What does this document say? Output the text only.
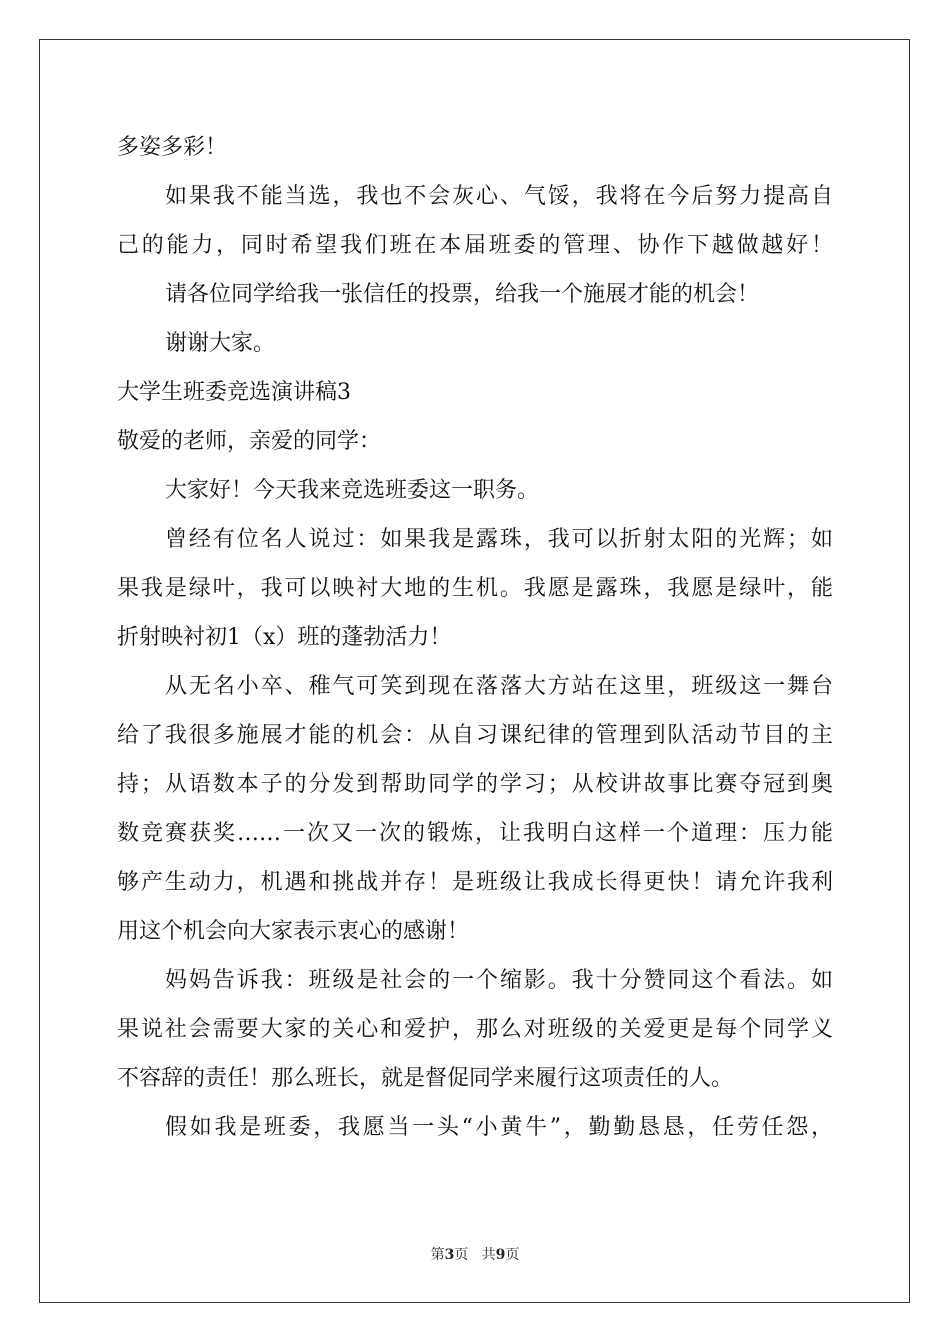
多姿多彩！
如果我不能当选，我也不会灰心、气馁，我将在今后努力提高自
己的能力，同时希望我们班在本届班委的管理、协作下越做越好！
请各位同学给我一张信任的投票，给我一个施展才能的机会！
谢谢大家。
大学生班委竞选演讲稿3
敬爱的老师，亲爱的同学：
大家好！今天我来竞选班委这一职务。
曾经有位名人说过：如果我是露珠，我可以折射太阳的光辉；如
果我是绿叶，我可以映衬大地的生机。我愿是露珠，我愿是绿叶，能
折射映衬初1（x）班的蓬勃活力！
从无名小卒、稚气可笑到现在落落大方站在这里，班级这一舞台
给了我很多施展才能的机会：从自习课纪律的管理到队活动节目的主
持；从语数本子的分发到帮助同学的学习；从校讲故事比赛夺冠到奥
数竞赛获奖……一次又一次的锻炼，让我明白这样一个道理：压力能
够产生动力，机遇和挑战并存！是班级让我成长得更快！请允许我利
用这个机会向大家表示衷心的感谢！
妈妈告诉我：班级是社会的一个缩影。我十分赞同这个看法。如
果说社会需要大家的关心和爱护，那么对班级的关爱更是每个同学义
不容辞的责任！那么班长，就是督促同学来履行这项责任的人。
假如我是班委，我愿当一头“小黄牛”，勤勤恳恳，任劳任怨，
第3页 共9页
